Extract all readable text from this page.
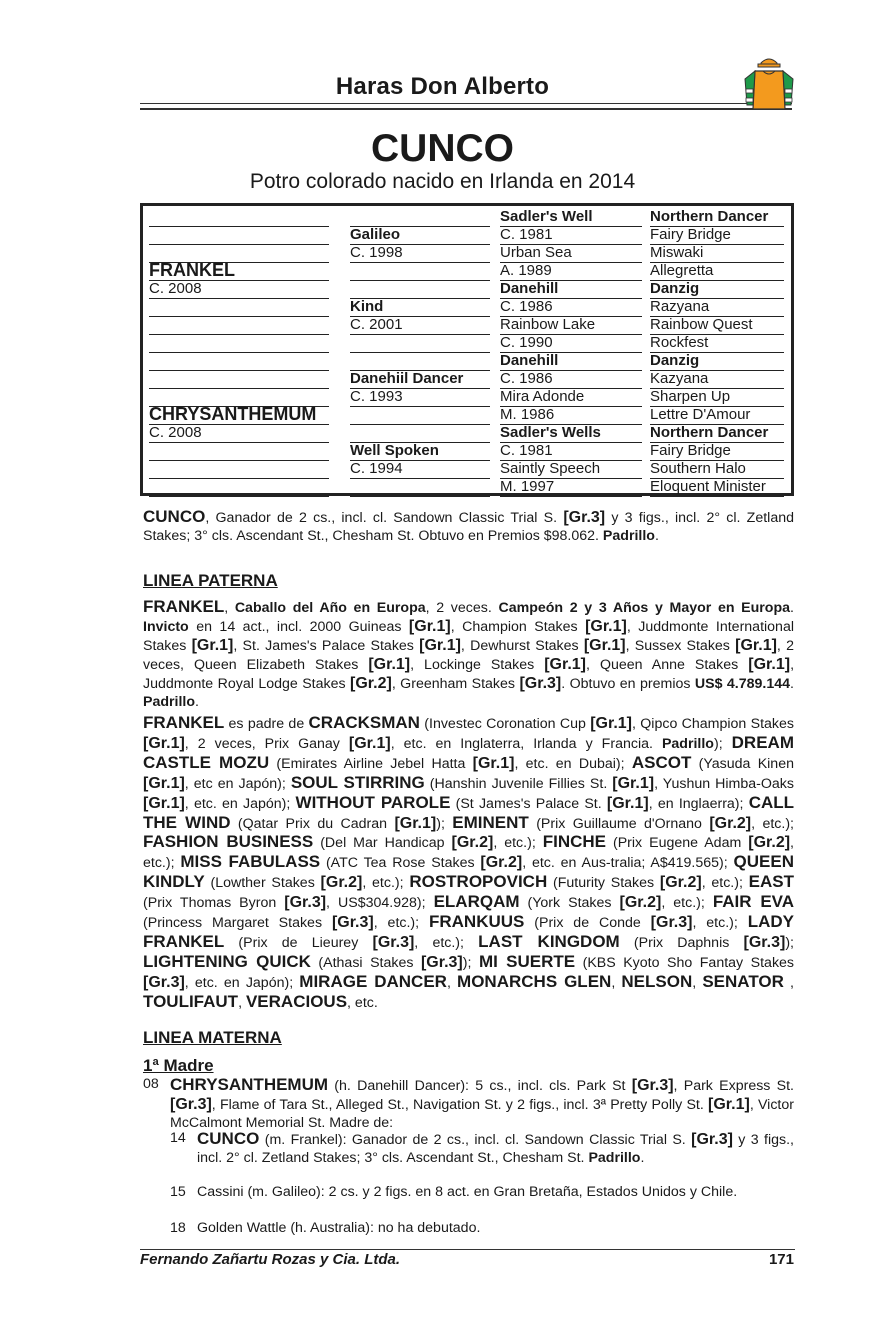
Haras Don Alberto
CUNCO
Potro colorado nacido en Irlanda en 2014
FRANKEL
C. 2008
CHRYSANTHEMUM
C. 2008
Galileo
C. 1998
Kind
C. 2001
Danehiil Dancer
C. 1993
Well Spoken
C. 1994
Sadler's Well
C. 1981
Urban Sea
A. 1989
Danehill
C. 1986
Rainbow Lake
C. 1990
Danehill
C. 1986
Mira Adonde
M. 1986
Sadler's Wells
C. 1981
Saintly Speech
M. 1997
Northern Dancer
Fairy Bridge
Miswaki
Allegretta
Danzig
Razyana
Rainbow Quest
Rockfest
Danzig
Kazyana
Sharpen Up
Lettre D'Amour
Northern Dancer
Fairy Bridge
Southern Halo
Eloquent Minister
CUNCO, Ganador de 2 cs., incl. cl. Sandown Classic Trial S. [Gr.3] y 3 figs., incl. 2° cl. Zetland Stakes; 3° cls. Ascendant St., Chesham St. Obtuvo en Premios $98.062. Padrillo.
LINEA PATERNA
FRANKEL, Caballo del Año en Europa, 2 veces. Campeón 2 y 3 Años y Mayor en Europa. Invicto en 14 act., incl. 2000 Guineas [Gr.1], Champion Stakes [Gr.1], Juddmonte International Stakes [Gr.1], St. James's Palace Stakes [Gr.1], Dewhurst Stakes [Gr.1], Sussex Stakes [Gr.1], 2 veces, Queen Elizabeth Stakes [Gr.1], Lockinge Stakes [Gr.1], Queen Anne Stakes [Gr.1], Juddmonte Royal Lodge Stakes [Gr.2], Greenham Stakes [Gr.3]. Obtuvo en premios US$ 4.789.144. Padrillo.
FRANKEL es padre de CRACKSMAN (Investec Coronation Cup [Gr.1], Qipco Champion Stakes [Gr.1], 2 veces, Prix Ganay [Gr.1], etc. en Inglaterra, Irlanda y Francia. Padrillo); DREAM CASTLE MOZU (Emirates Airline Jebel Hatta [Gr.1], etc. en Dubai); ASCOT (Yasuda Kinen [Gr.1], etc en Japón); SOUL STIRRING (Hanshin Juvenile Fillies St. [Gr.1], Yushun Himba-Oaks [Gr.1], etc. en Japón); WITHOUT PAROLE (St James's Palace St. [Gr.1], en Inglaerra); CALL THE WIND (Qatar Prix du Cadran [Gr.1]); EMINENT (Prix Guillaume d'Ornano [Gr.2], etc.); FASHION BUSINESS (Del Mar Handicap [Gr.2], etc.); FINCHE (Prix Eugene Adam [Gr.2], etc.); MISS FABULASS (ATC Tea Rose Stakes [Gr.2], etc. en Aus-tralia; A$419.565); QUEEN KINDLY (Lowther Stakes [Gr.2], etc.); ROSTROPOVICH (Futurity Stakes [Gr.2], etc.); EAST (Prix Thomas Byron [Gr.3], US$304.928); ELARQAM (York Stakes [Gr.2], etc.); FAIR EVA (Princess Margaret Stakes [Gr.3], etc.); FRANKUUS (Prix de Conde [Gr.3], etc.); LADY FRANKEL (Prix de Lieurey [Gr.3], etc.); LAST KINGDOM (Prix Daphnis [Gr.3]); LIGHTENING QUICK (Athasi Stakes [Gr.3]); MI SUERTE (KBS Kyoto Sho Fantay Stakes [Gr.3], etc. en Japón); MIRAGE DANCER, MONARCHS GLEN, NELSON, SENATOR , TOULIFAUT, VERACIOUS, etc.
LINEA MATERNA
1ª Madre
08 CHRYSANTHEMUM (h. Danehill Dancer): 5 cs., incl. cls. Park St [Gr.3], Park Express St. [Gr.3], Flame of Tara St., Alleged St., Navigation St. y 2 figs., incl. 3ª Pretty Polly St. [Gr.1], Victor McCalmont Memorial St. Madre de:
14 CUNCO (m. Frankel): Ganador de 2 cs., incl. cl. Sandown Classic Trial S. [Gr.3] y 3 figs., incl. 2° cl. Zetland Stakes; 3° cls. Ascendant St., Chesham St. Padrillo.
15 Cassini (m. Galileo): 2 cs. y 2 figs. en 8 act. en Gran Bretaña, Estados Unidos y Chile.
18 Golden Wattle (h. Australia): no ha debutado.
Fernando Zañartu Rozas y Cia. Ltda.	171
